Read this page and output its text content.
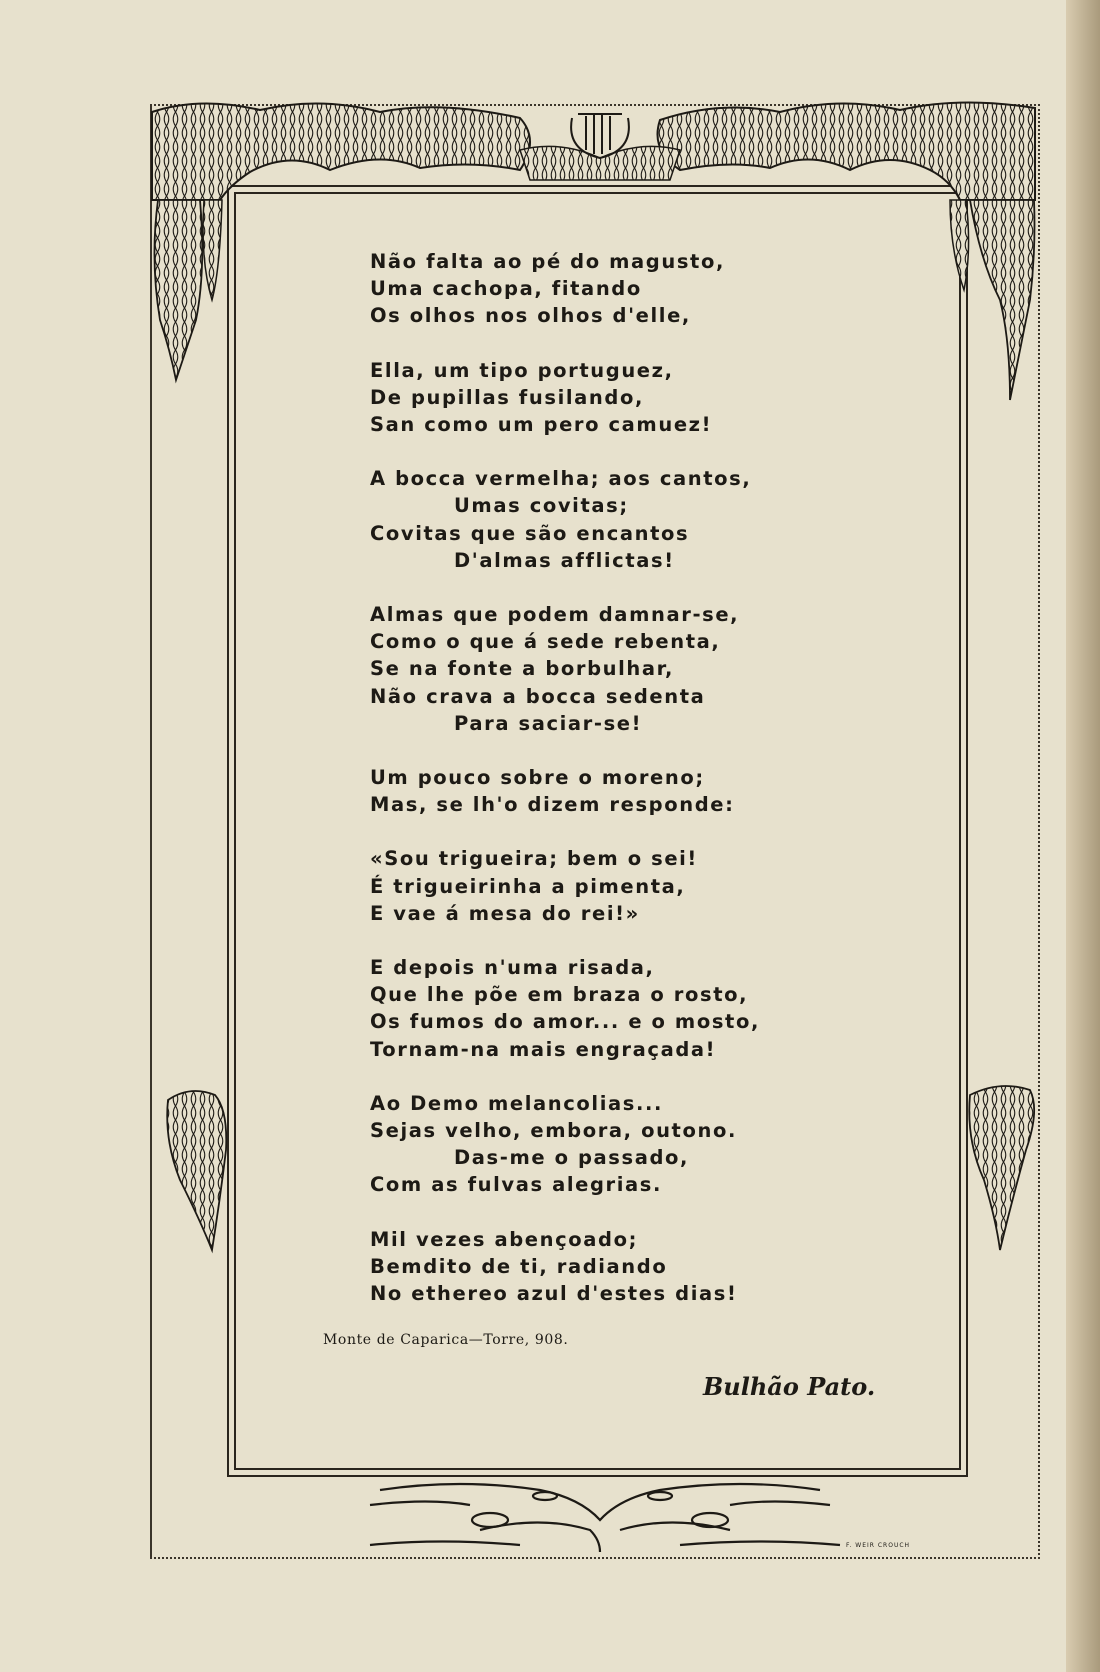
Não falta ao pé do magusto,
Uma cachopa, fitando
Os olhos nos olhos d'elle,
Ella, um tipo portuguez,
De pupillas fusilando,
San como um pero camuez!
A bocca vermelha; aos cantos,
Umas covitas;
Covitas que são encantos
D'almas afflictas!
Almas que podem damnar-se,
Como o que á sede rebenta,
Se na fonte a borbulhar,
Não crava a bocca sedenta
Para saciar-se!
Um pouco sobre o moreno;
Mas, se lh'o dizem responde:
«Sou trigueira; bem o sei!
É trigueirinha a pimenta,
E vae á mesa do rei!»
E depois n'uma risada,
Que lhe põe em braza o rosto,
Os fumos do amor... e o mosto,
Tornam-na mais engraçada!
Ao Demo melancolias...
Sejas velho, embora, outono.
Das-me o passado,
Com as fulvas alegrias.
Mil vezes abençoado;
Bemdito de ti, radiando
No ethereo azul d'estes dias!
Monte de Caparica—Torre, 908.
Bulhão Pato.
F. WEIR CROUCH
